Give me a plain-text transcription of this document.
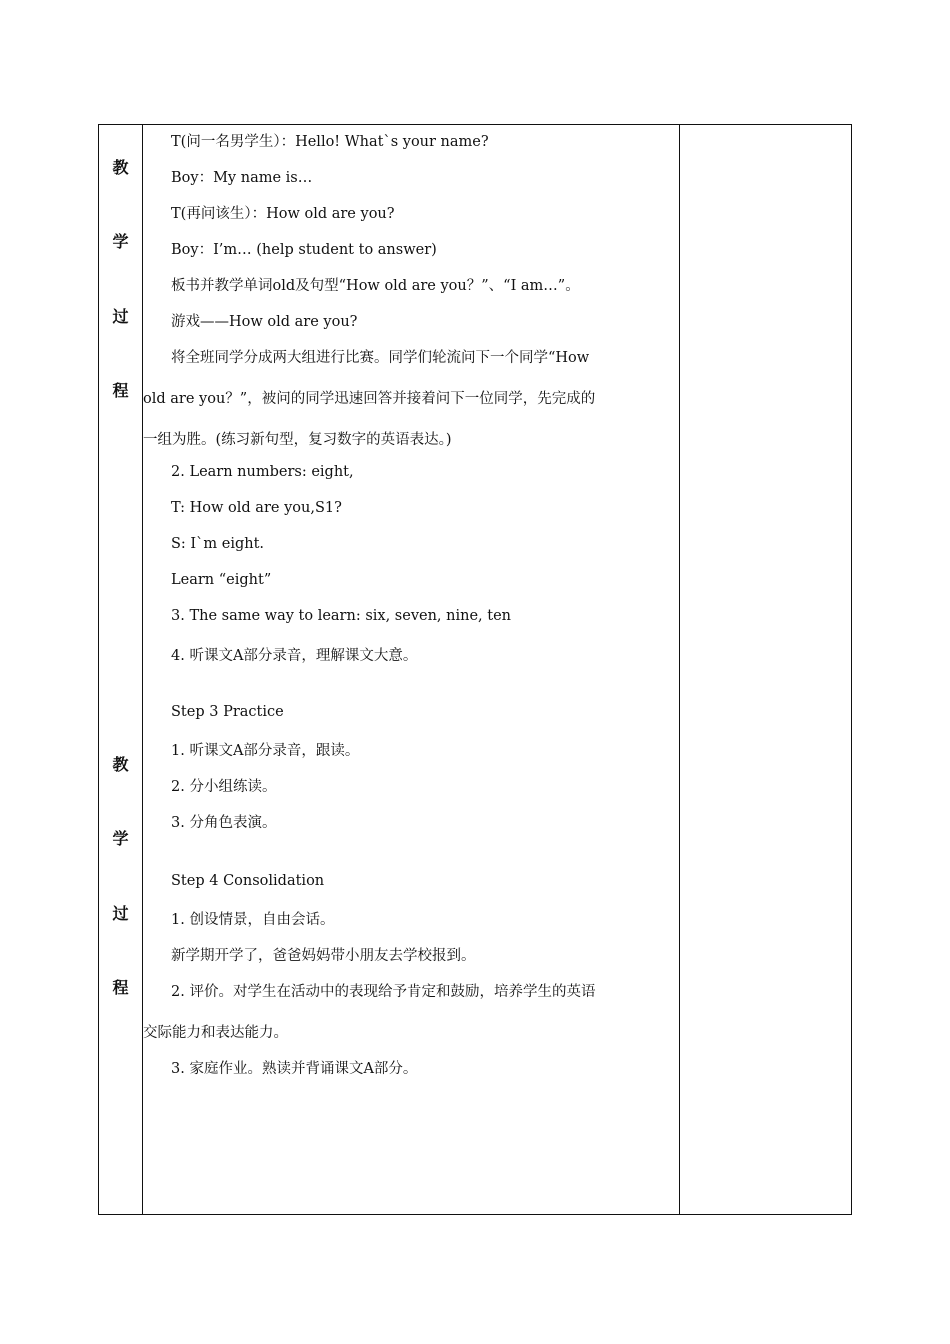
教
学
过
程
教
学
过
程
T(问一名男学生）：Hello! What`s your name?
Boy：My name is…
T(再问该生）：How old are you?
Boy：I’m… (help student to answer)
板书并教学单词old及句型“How old are you？”、“I am…”。
游戏——How old are you?
将全班同学分成两大组进行比赛。同学们轮流问下一个同学“How
old are you？”，被问的同学迅速回答并接着问下一位同学，先完成的
一组为胜。(练习新句型，复习数字的英语表达。)
2. Learn numbers: eight,
T: How old are you,S1?
S: I`m eight.
Learn “eight”
3. The same way to learn: six, seven, nine, ten
4. 听课文A部分录音，理解课文大意。
Step 3 Practice
1. 听课文A部分录音，跟读。
2. 分小组练读。
3. 分角色表演。
Step 4 Consolidation
1. 创设情景，自由会话。
新学期开学了，爸爸妈妈带小朋友去学校报到。
2. 评价。对学生在活动中的表现给予肯定和鼓励，培养学生的英语
交际能力和表达能力。
3. 家庭作业。熟读并背诵课文A部分。
